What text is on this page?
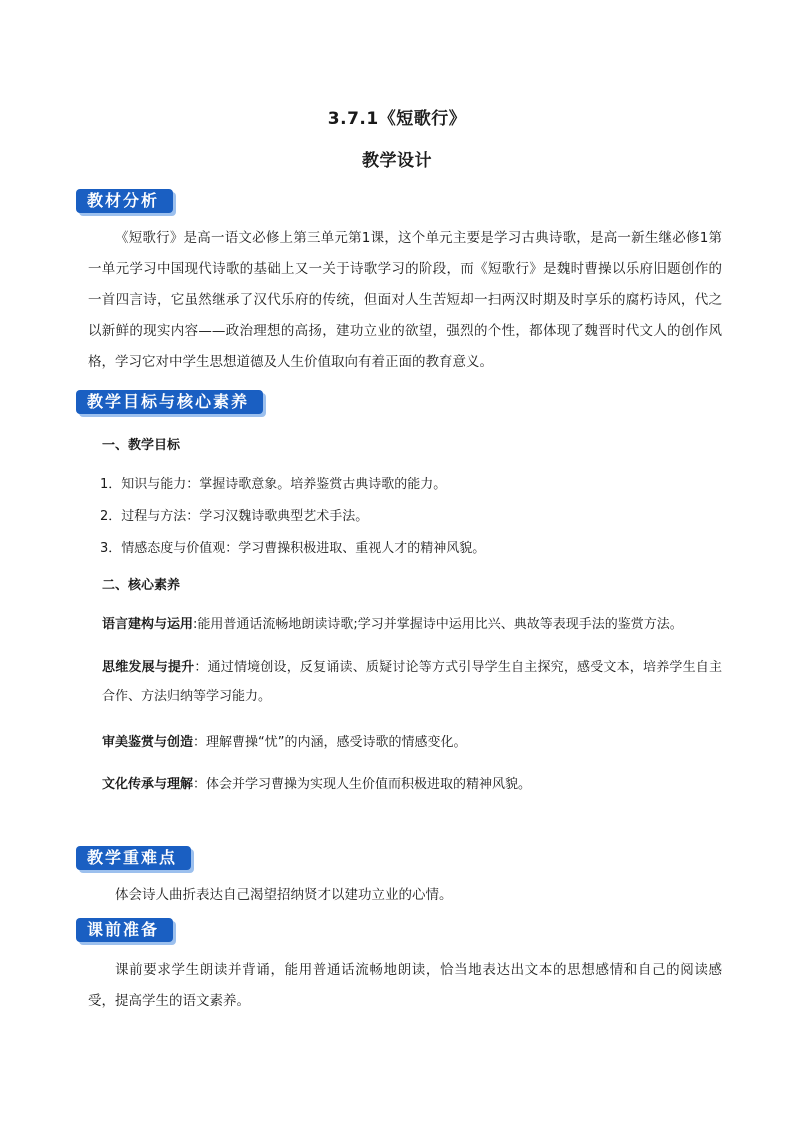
3.7.1《短歌行》
教学设计
教材分析
《短歌行》是高一语文必修上第三单元第1课，这个单元主要是学习古典诗歌，是高一新生继必修1第一单元学习中国现代诗歌的基础上又一关于诗歌学习的阶段，而《短歌行》是魏时曹操以乐府旧题创作的一首四言诗，它虽然继承了汉代乐府的传统，但面对人生苦短却一扫两汉时期及时享乐的腐朽诗风，代之以新鲜的现实内容——政治理想的高扬，建功立业的欲望，强烈的个性，都体现了魏晋时代文人的创作风格，学习它对中学生思想道德及人生价值取向有着正面的教育意义。
教学目标与核心素养
一、教学目标
1．知识与能力：掌握诗歌意象。培养鉴赏古典诗歌的能力。
2．过程与方法：学习汉魏诗歌典型艺术手法。
3．情感态度与价值观：学习曹操积极进取、重视人才的精神风貌。
二、核心素养
语言建构与运用:能用普通话流畅地朗读诗歌;学习并掌握诗中运用比兴、典故等表现手法的鉴赏方法。
思维发展与提升：通过情境创设，反复诵读、质疑讨论等方式引导学生自主探究，感受文本，培养学生自主合作、方法归纳等学习能力。
审美鉴赏与创造：理解曹操“忧”的内涵，感受诗歌的情感变化。
文化传承与理解：体会并学习曹操为实现人生价值而积极进取的精神风貌。
教学重难点
体会诗人曲折表达自己渴望招纳贤才以建功立业的心情。
课前准备
课前要求学生朗读并背诵，能用普通话流畅地朗读，恰当地表达出文本的思想感情和自己的阅读感受，提高学生的语文素养。
